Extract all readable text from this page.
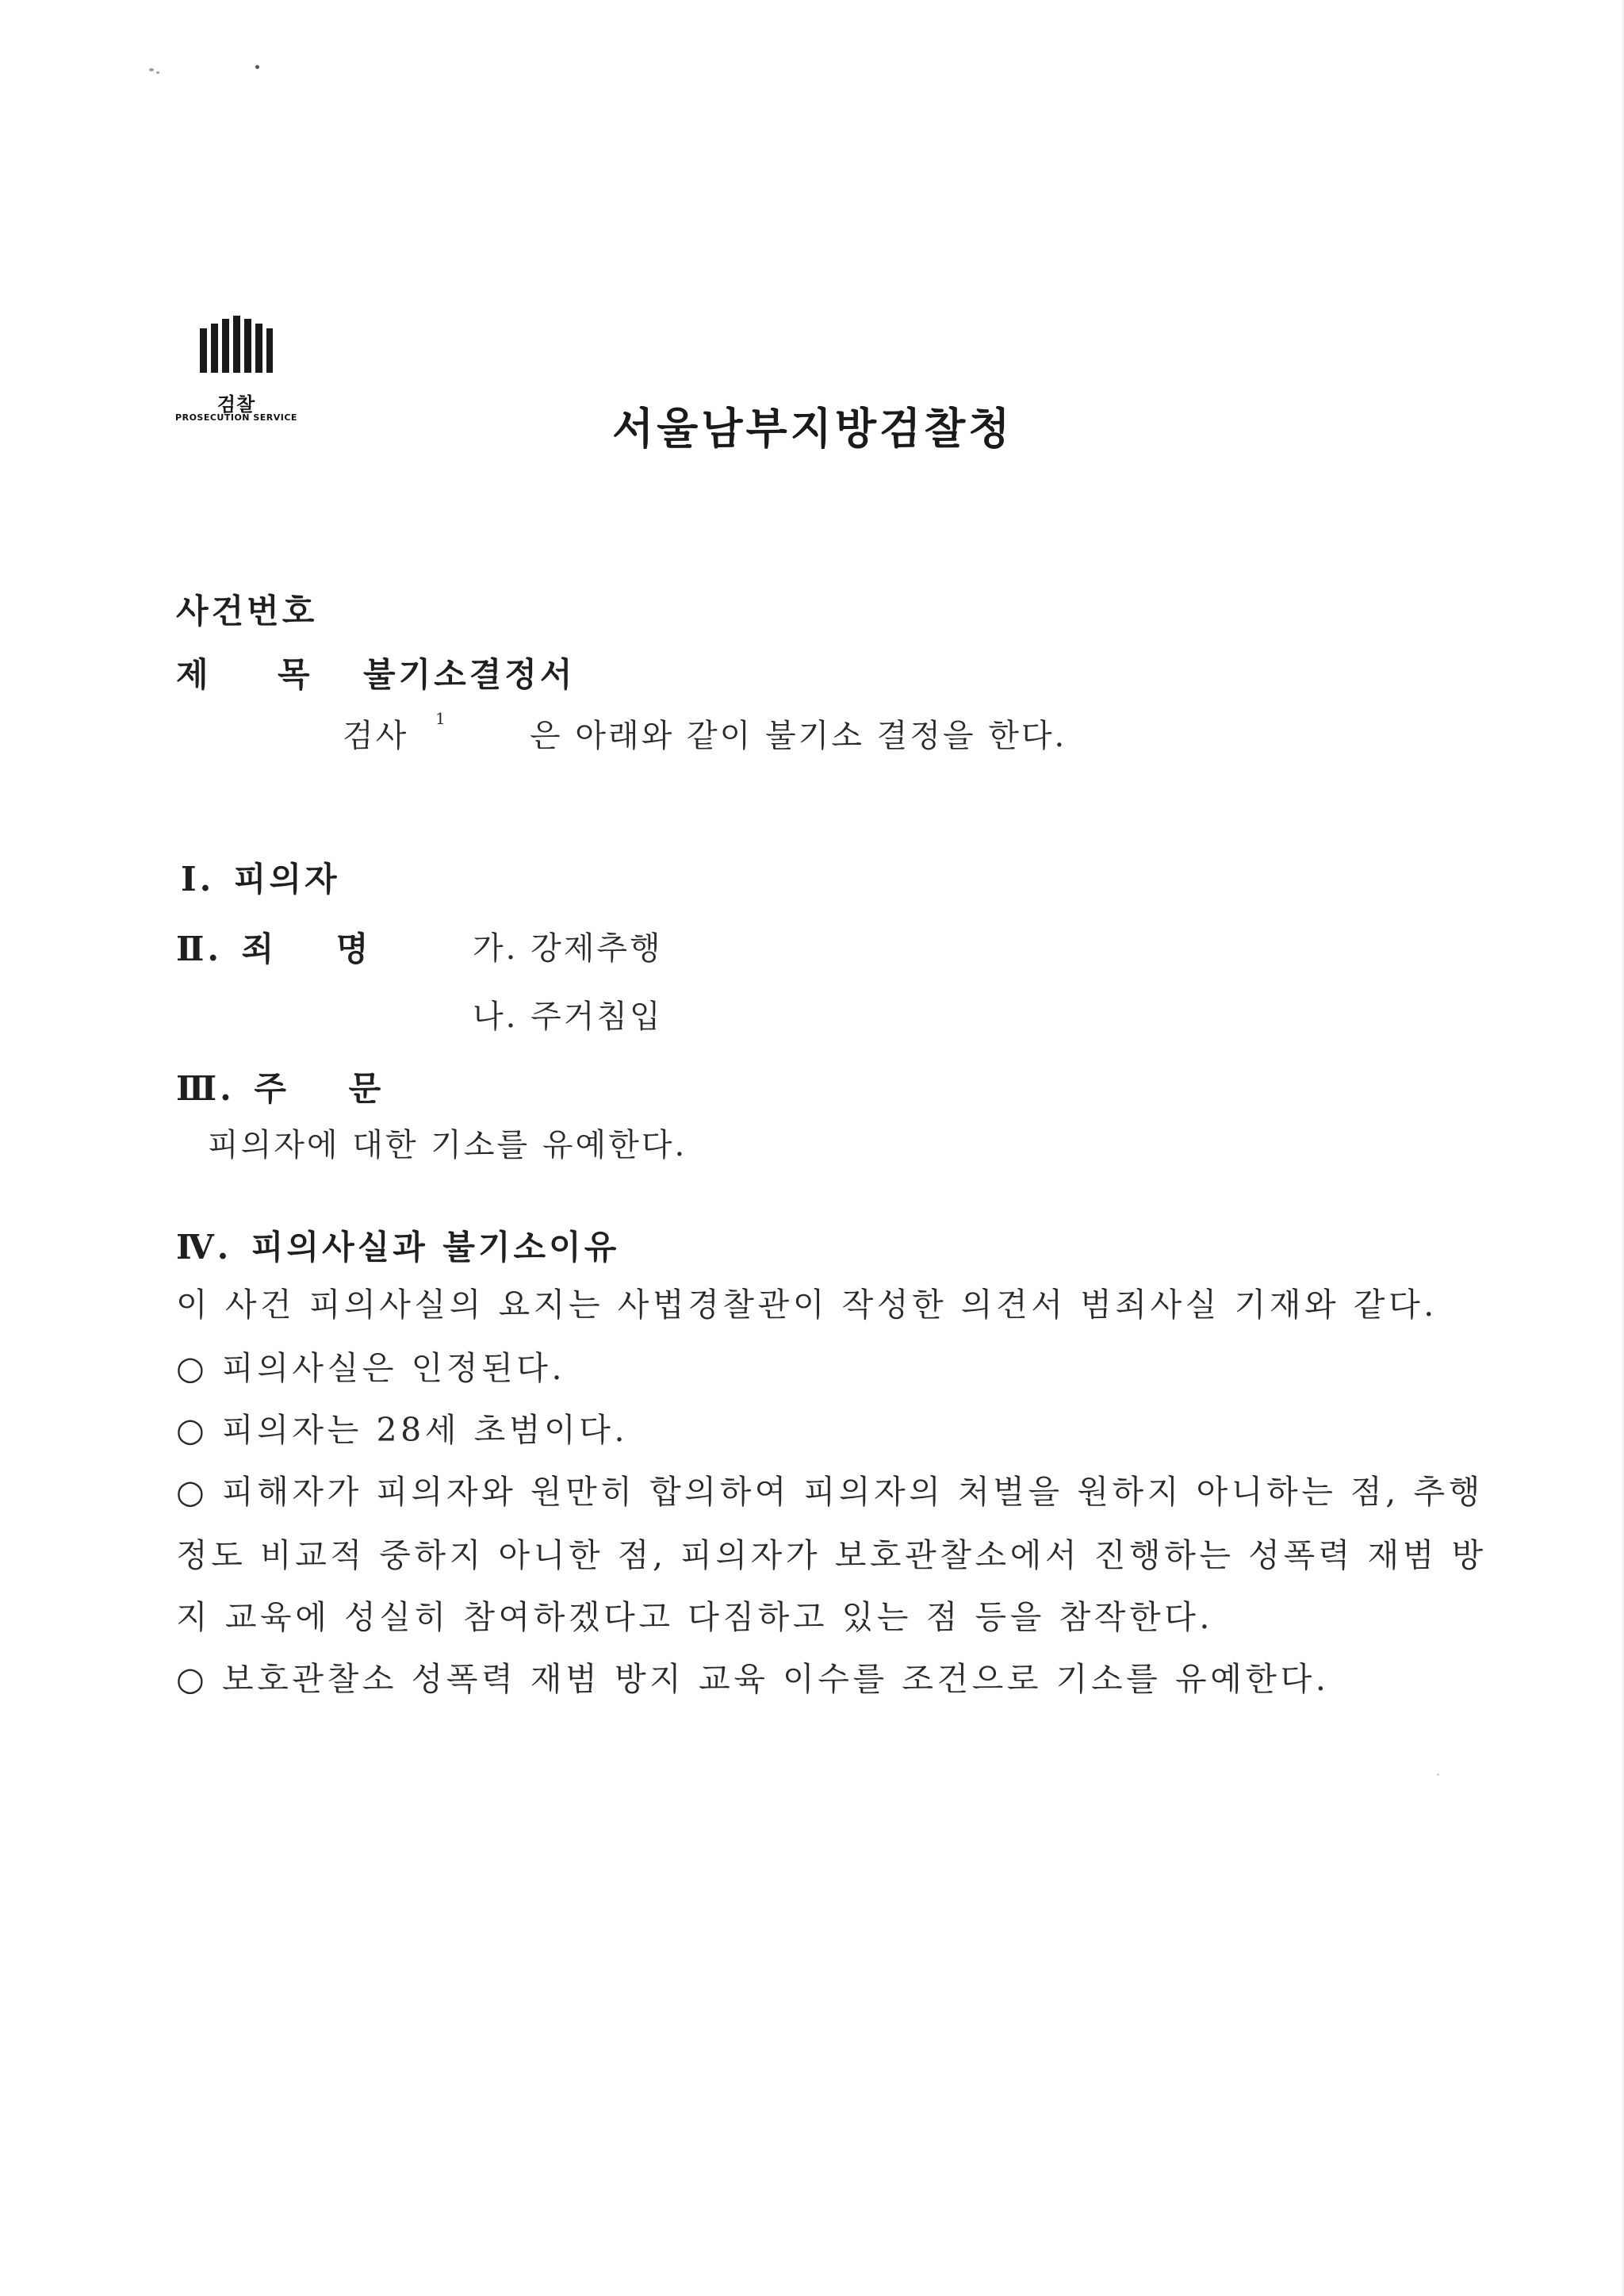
검찰
PROSECUTION SERVICE	서울남부지방검찰청
사건번호
제 목 불기소결정서
검사 $^1$	은 아래와 같이 불기소 결정을 한다.
Ⅰ. 피의자
Ⅱ. 죄 명	가. 강제추행
나. 주거침입
Ⅲ. 주 문
피의자에 대한 기소를 유예한다.
Ⅳ. 피의사실과 불기소이유
이 사건 피의사실의 요지는 사법경찰관이 작성한 의견서 범죄사실 기재와 같다.
○ 피의사실은 인정된다.
○ 피의자는 28세 초범이다.
○ 피해자가 피의자와 원만히 합의하여 피의자의 처벌을 원하지 아니하는 점, 추행
정도 비교적 중하지 아니한 점, 피의자가 보호관찰소에서 진행하는 성폭력 재범 방
지 교육에 성실히 참여하겠다고 다짐하고 있는 점 등을 참작한다.
○ 보호관찰소 성폭력 재범 방지 교육 이수를 조건으로 기소를 유예한다.
